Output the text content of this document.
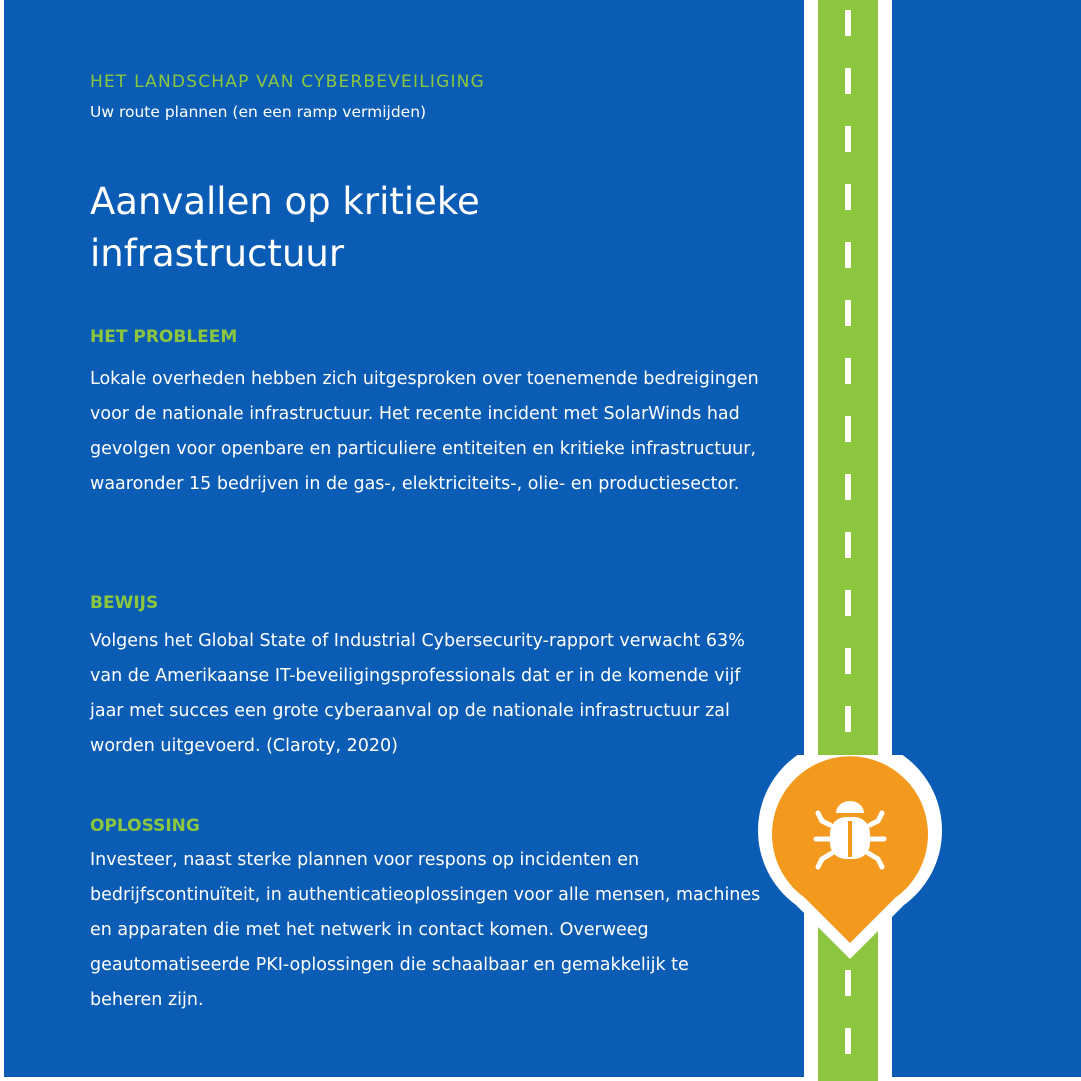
HET LANDSCHAP VAN CYBERBEVEILIGING
Uw route plannen (en een ramp vermijden)
Aanvallen op kritieke
infrastructuur
HET PROBLEEM
Lokale overheden hebben zich uitgesproken over toenemende bedreigingen voor de nationale infrastructuur. Het recente incident met SolarWinds had gevolgen voor openbare en particuliere entiteiten en kritieke infrastructuur, waaronder 15 bedrijven in de gas-, elektriciteits-, olie- en productiesector.
BEWIJS
Volgens het Global State of Industrial Cybersecurity-rapport verwacht 63% van de Amerikaanse IT-beveiligingsprofessionals dat er in de komende vijf jaar met succes een grote cyberaanval op de nationale infrastructuur zal worden uitgevoerd. (Claroty, 2020)
OPLOSSING
Investeer, naast sterke plannen voor respons op incidenten en bedrijfscontinuïteit, in authenticatieoplossingen voor alle mensen, machines en apparaten die met het netwerk in contact komen. Overweeg geautomatiseerde PKI-oplossingen die schaalbaar en gemakkelijk te beheren zijn.
